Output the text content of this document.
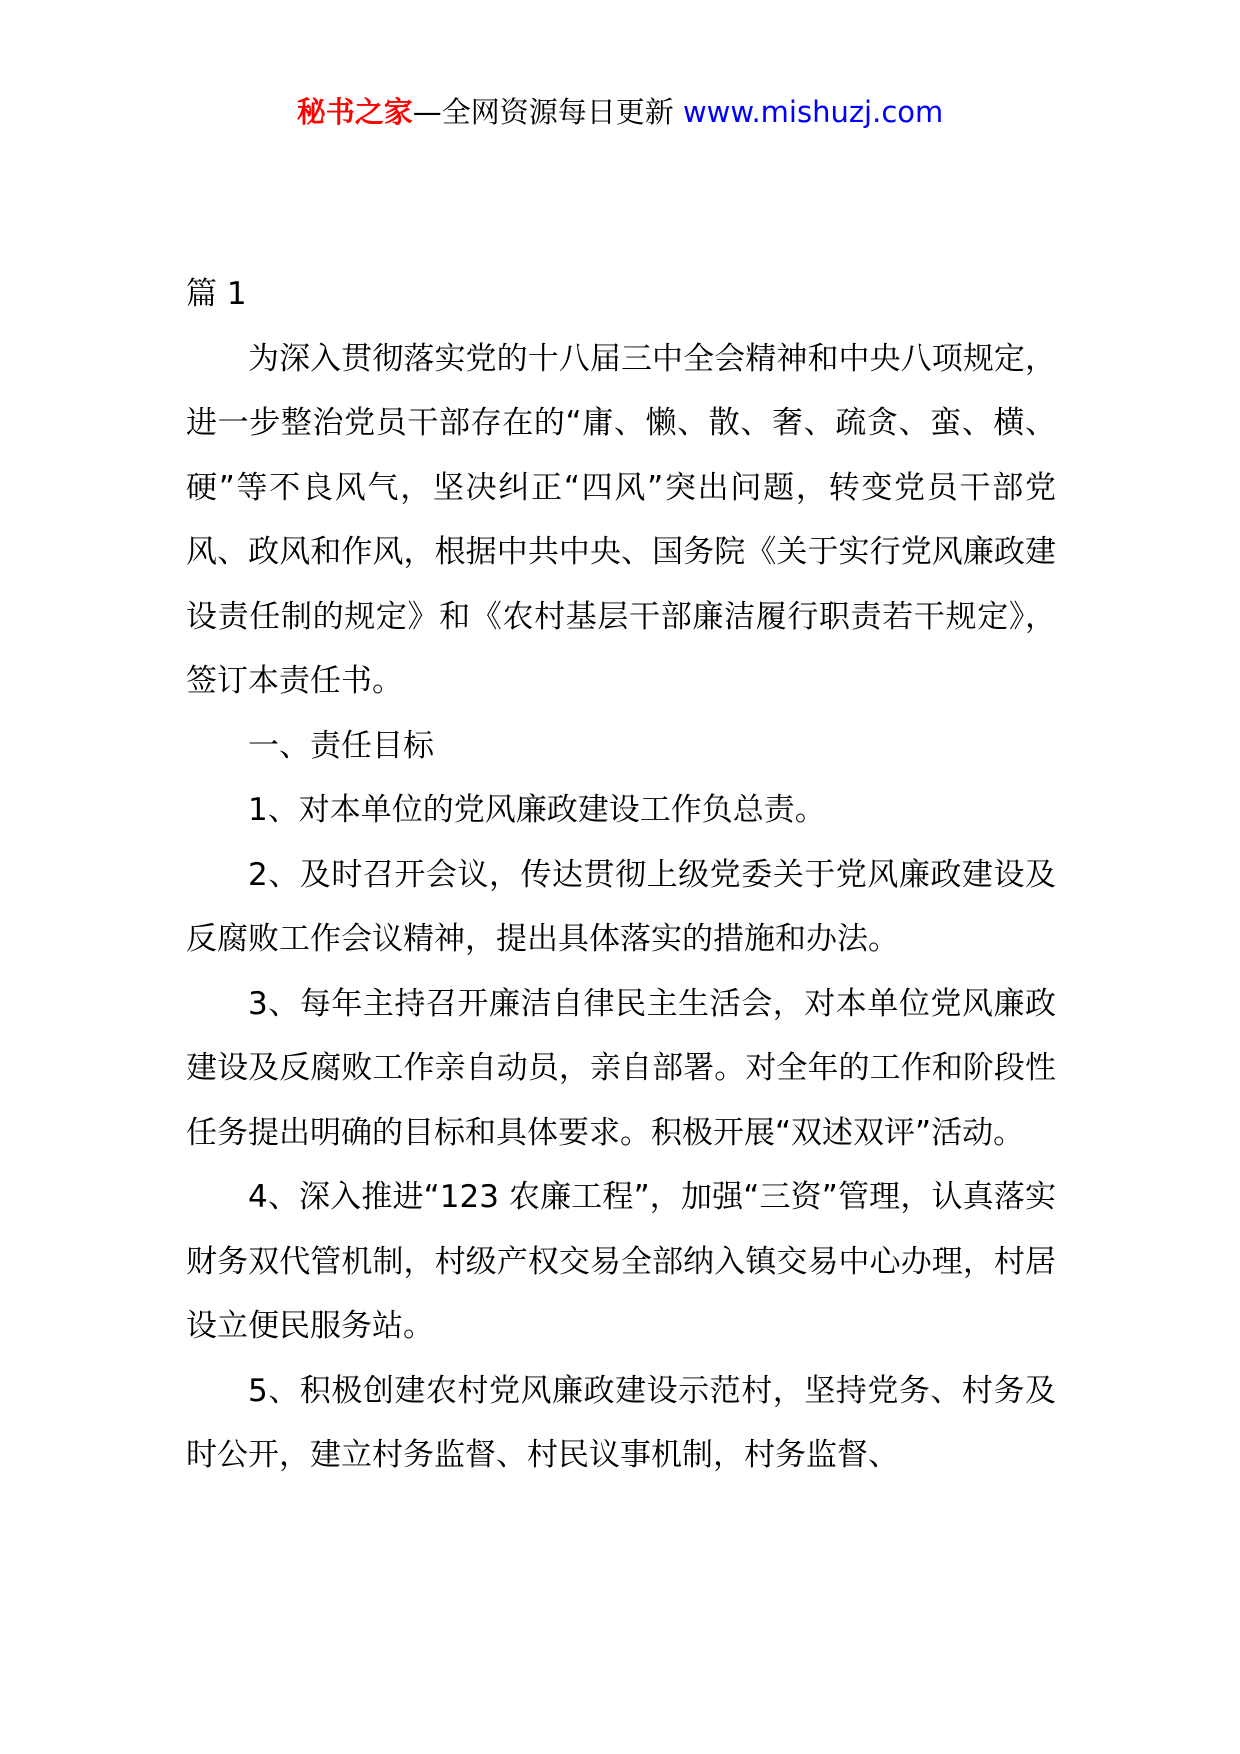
秘书之家—全网资源每日更新 www.mishuzj.com

篇 1

为深入贯彻落实党的十八届三中全会精神和中央八项规定，进一步整治党员干部存在的“庸、懒、散、奢、疏贪、蛮、横、硬”等不良风气，坚决纠正“四风”突出问题，转变党员干部党风、政风和作风，根据中共中央、国务院《关于实行党风廉政建设责任制的规定》和《农村基层干部廉洁履行职责若干规定》，签订本责任书。

一、责任目标

1、对本单位的党风廉政建设工作负总责。

2、及时召开会议，传达贯彻上级党委关于党风廉政建设及反腐败工作会议精神，提出具体落实的措施和办法。

3、每年主持召开廉洁自律民主生活会，对本单位党风廉政建设及反腐败工作亲自动员，亲自部署。对全年的工作和阶段性任务提出明确的目标和具体要求。积极开展“双述双评”活动。

4、深入推进“123 农廉工程”，加强“三资”管理，认真落实财务双代管机制，村级产权交易全部纳入镇交易中心办理，村居设立便民服务站。

5、积极创建农村党风廉政建设示范村，坚持党务、村务及时公开，建立村务监督、村民议事机制，村务监督、
